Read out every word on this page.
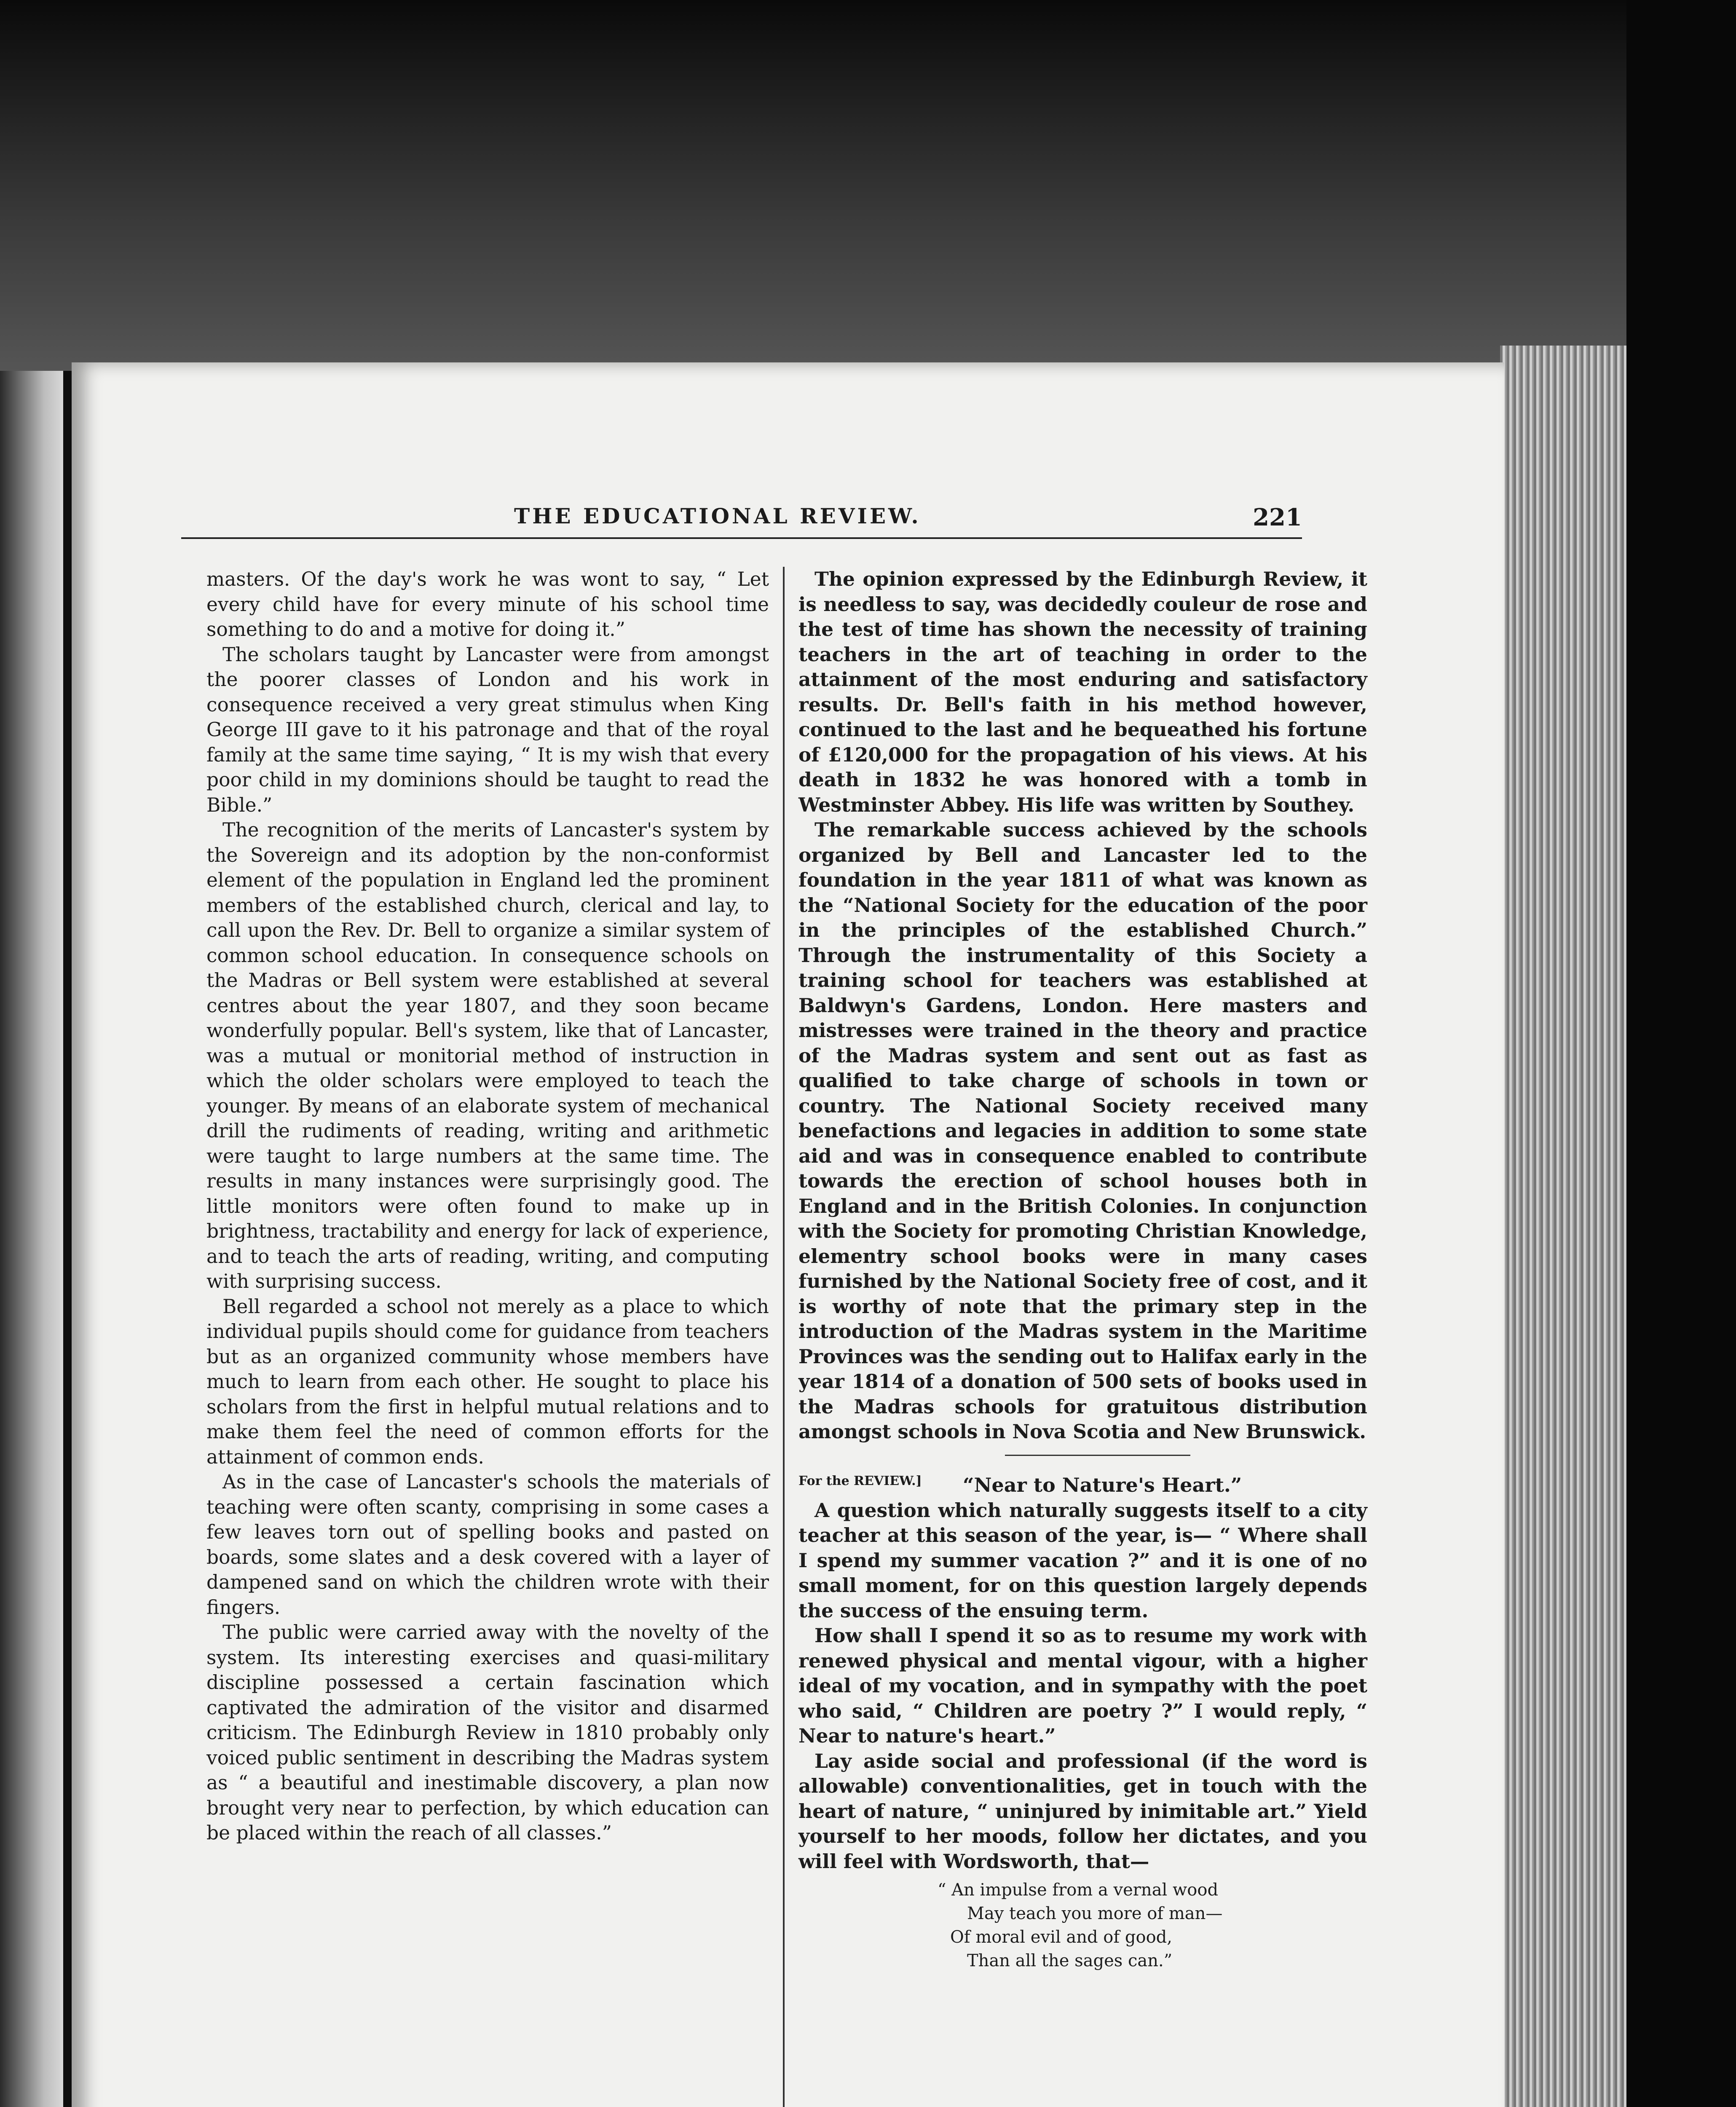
THE EDUCATIONAL REVIEW.	221

masters. Of the day's work he was wont to say, “ Let every child have for every minute of his school time something to do and a motive for doing it.”

The scholars taught by Lancaster were from amongst the poorer classes of London and his work in consequence received a very great stimulus when King George III gave to it his patronage and that of the royal family at the same time saying, “ It is my wish that every poor child in my dominions should be taught to read the Bible.”

The recognition of the merits of Lancaster's system by the Sovereign and its adoption by the non-conformist element of the population in England led the prominent members of the established church, clerical and lay, to call upon the Rev. Dr. Bell to organize a similar system of common school education. In consequence schools on the Madras or Bell system were established at several centres about the year 1807, and they soon became wonderfully popular. Bell's system, like that of Lancaster, was a mutual or monitorial method of instruction in which the older scholars were employed to teach the younger. By means of an elaborate system of mechanical drill the rudiments of reading, writing and arithmetic were taught to large numbers at the same time. The results in many instances were surprisingly good. The little monitors were often found to make up in brightness, tractability and energy for lack of experience, and to teach the arts of reading, writing, and computing with surprising success.

Bell regarded a school not merely as a place to which individual pupils should come for guidance from teachers but as an organized community whose members have much to learn from each other. He sought to place his scholars from the first in helpful mutual relations and to make them feel the need of common efforts for the attainment of common ends.

As in the case of Lancaster's schools the materials of teaching were often scanty, comprising in some cases a few leaves torn out of spelling books and pasted on boards, some slates and a desk covered with a layer of dampened sand on which the children wrote with their fingers.

The public were carried away with the novelty of the system. Its interesting exercises and quasi-military discipline possessed a certain fascination which captivated the admiration of the visitor and disarmed criticism. The Edinburgh Review in 1810 probably only voiced public sentiment in describing the Madras system as “ a beautiful and inestimable discovery, a plan now brought very near to perfection, by which education can be placed within the reach of all classes.”

The opinion expressed by the Edinburgh Review, it is needless to say, was decidedly couleur de rose and the test of time has shown the necessity of training teachers in the art of teaching in order to the attainment of the most enduring and satisfactory results. Dr. Bell's faith in his method however, continued to the last and he bequeathed his fortune of £120,000 for the propagation of his views. At his death in 1832 he was honored with a tomb in Westminster Abbey. His life was written by Southey.

The remarkable success achieved by the schools organized by Bell and Lancaster led to the foundation in the year 1811 of what was known as the “National Society for the education of the poor in the principles of the established Church.” Through the instrumentality of this Society a training school for teachers was established at Baldwyn's Gardens, London. Here masters and mistresses were trained in the theory and practice of the Madras system and sent out as fast as qualified to take charge of schools in town or country. The National Society received many benefactions and legacies in addition to some state aid and was in consequence enabled to contribute towards the erection of school houses both in England and in the British Colonies. In conjunction with the Society for promoting Christian Knowledge, elementry school books were in many cases furnished by the National Society free of cost, and it is worthy of note that the primary step in the introduction of the Madras system in the Maritime Provinces was the sending out to Halifax early in the year 1814 of a donation of 500 sets of books used in the Madras schools for gratuitous distribution amongst schools in Nova Scotia and New Brunswick.

For the REVIEW.] “Near to Nature's Heart.”

A question which naturally suggests itself to a city teacher at this season of the year, is— “ Where shall I spend my summer vacation ?” and it is one of no small moment, for on this question largely depends the success of the ensuing term.

How shall I spend it so as to resume my work with renewed physical and mental vigour, with a higher ideal of my vocation, and in sympathy with the poet who said, “ Children are poetry ?” I would reply, “ Near to nature's heart.”

Lay aside social and professional (if the word is allowable) conventionalities, get in touch with the heart of nature, “ uninjured by inimitable art.” Yield yourself to her moods, follow her dictates, and you will feel with Wordsworth, that—

“ An impulse from a vernal wood
May teach you more of man—
Of moral evil and of good,
Than all the sages can.”
